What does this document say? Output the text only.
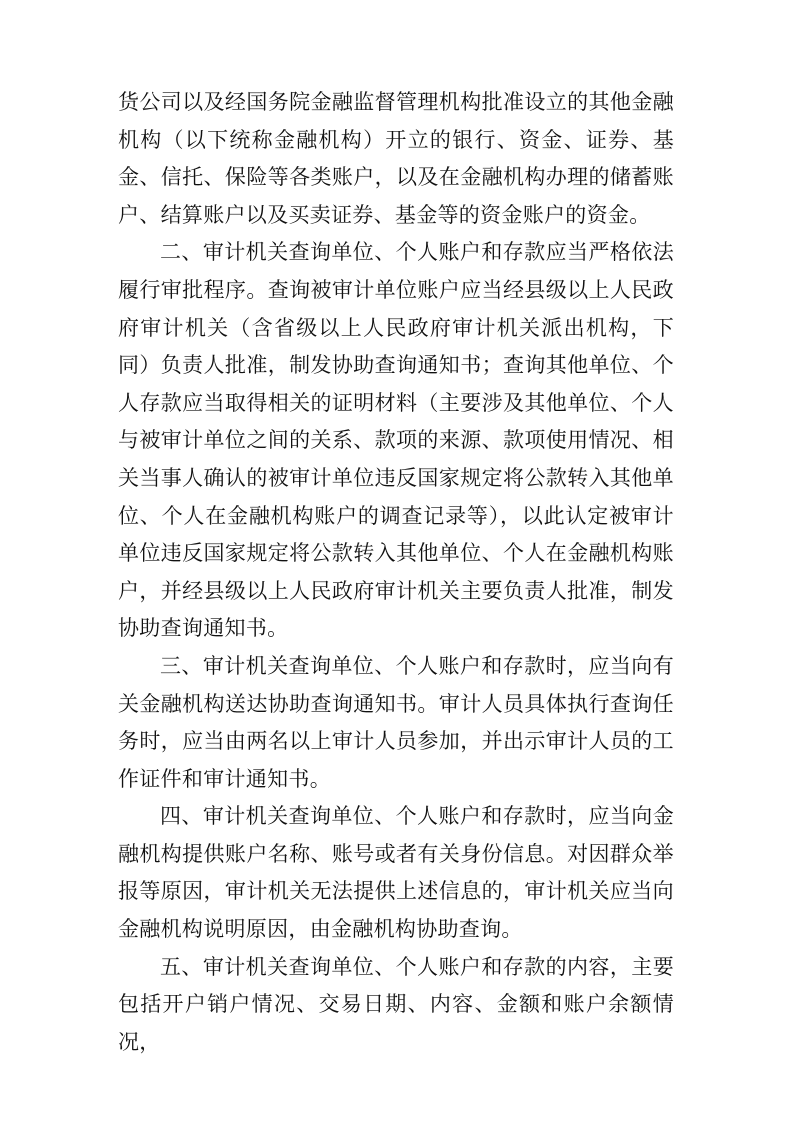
货公司以及经国务院金融监督管理机构批准设立的其他金融机构（以下统称金融机构）开立的银行、资金、证券、基金、信托、保险等各类账户，以及在金融机构办理的储蓄账户、结算账户以及买卖证券、基金等的资金账户的资金。

二、审计机关查询单位、个人账户和存款应当严格依法履行审批程序。查询被审计单位账户应当经县级以上人民政府审计机关（含省级以上人民政府审计机关派出机构，下同）负责人批准，制发协助查询通知书；查询其他单位、个人存款应当取得相关的证明材料（主要涉及其他单位、个人与被审计单位之间的关系、款项的来源、款项使用情况、相关当事人确认的被审计单位违反国家规定将公款转入其他单位、个人在金融机构账户的调查记录等），以此认定被审计单位违反国家规定将公款转入其他单位、个人在金融机构账户，并经县级以上人民政府审计机关主要负责人批准，制发协助查询通知书。

三、审计机关查询单位、个人账户和存款时，应当向有关金融机构送达协助查询通知书。审计人员具体执行查询任务时，应当由两名以上审计人员参加，并出示审计人员的工作证件和审计通知书。

四、审计机关查询单位、个人账户和存款时，应当向金融机构提供账户名称、账号或者有关身份信息。对因群众举报等原因，审计机关无法提供上述信息的，审计机关应当向金融机构说明原因，由金融机构协助查询。

五、审计机关查询单位、个人账户和存款的内容，主要包括开户销户情况、交易日期、内容、金额和账户余额情况，
